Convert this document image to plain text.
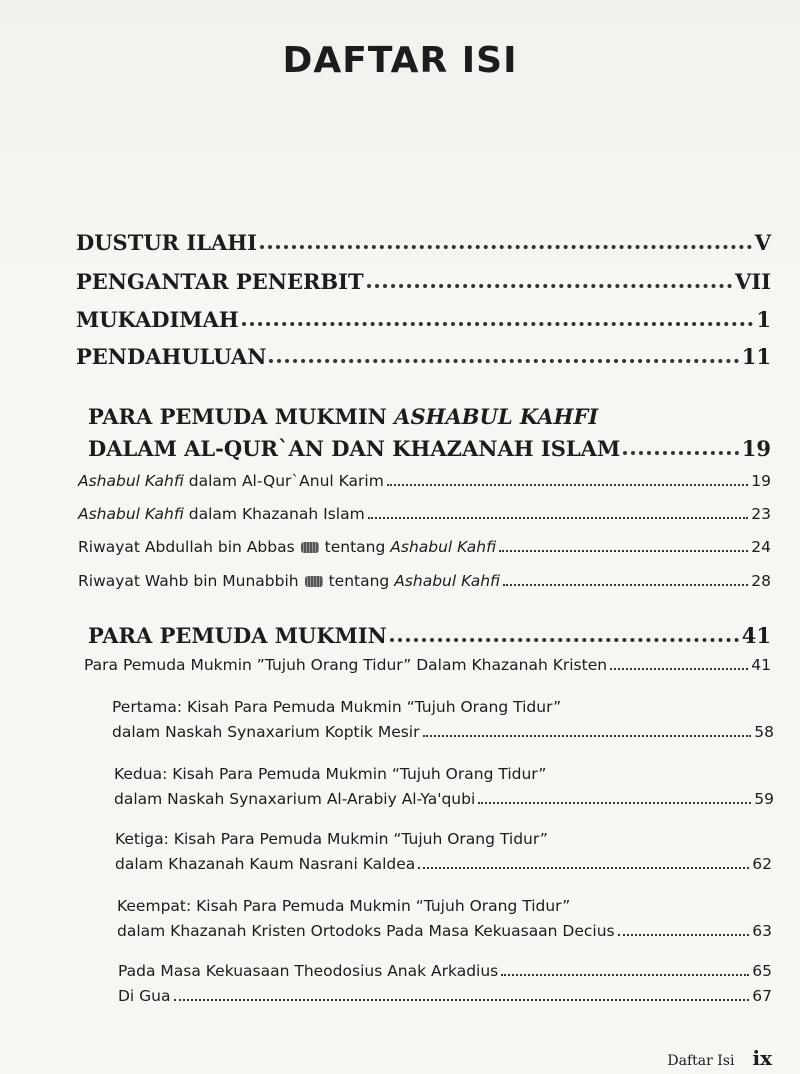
DAFTAR ISI
DUSTUR ILAHI	V
PENGANTAR PENERBIT	VII
MUKADIMAH	1
PENDAHULUAN	11
PARA PEMUDA MUKMIN ASHABUL KAHFI
DALAM AL-QUR`AN DAN KHAZANAH ISLAM	19
Ashabul Kahfi dalam Al-Qur`Anul Karim	19
Ashabul Kahfi dalam Khazanah Islam	23
Riwayat Abdullah bin Abbas tentang Ashabul Kahfi	24
Riwayat Wahb bin Munabbih tentang Ashabul Kahfi	28
PARA PEMUDA MUKMIN	41
Para Pemuda Mukmin ”Tujuh Orang Tidur” Dalam Khazanah Kristen	41
Pertama: Kisah Para Pemuda Mukmin “Tujuh Orang Tidur”
dalam Naskah Synaxarium Koptik Mesir	58
Kedua: Kisah Para Pemuda Mukmin “Tujuh Orang Tidur”
dalam Naskah Synaxarium Al-Arabiy Al-Ya'qubi	59
Ketiga: Kisah Para Pemuda Mukmin “Tujuh Orang Tidur”
dalam Khazanah Kaum Nasrani Kaldea	62
Keempat: Kisah Para Pemuda Mukmin “Tujuh Orang Tidur”
dalam Khazanah Kristen Ortodoks Pada Masa Kekuasaan Decius	63
Pada Masa Kekuasaan Theodosius Anak Arkadius	65
Di Gua	67
Daftar Isi ix
